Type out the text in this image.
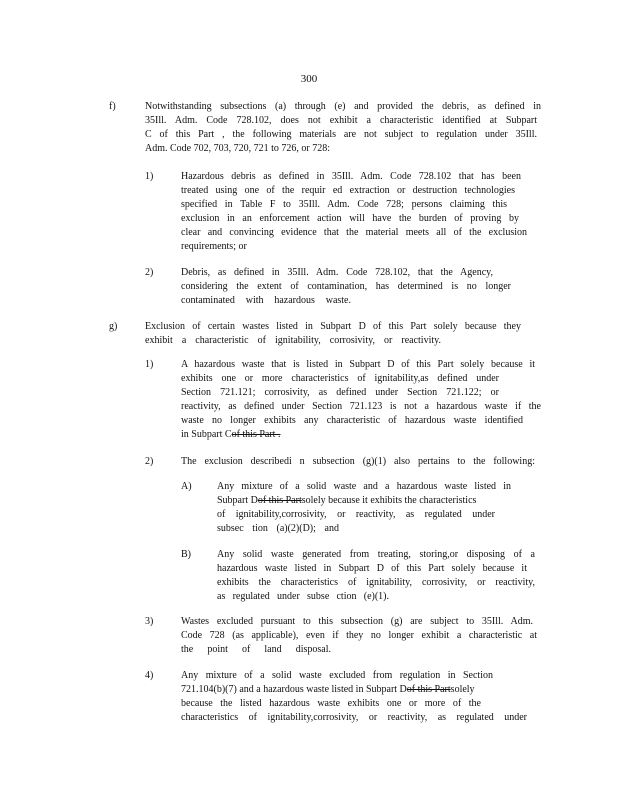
300
f)	Notwithstanding subsections (a) through (e) and provided the debris, as defined in
35Ill. Adm. Code 728.102, does not exhibit a characteristic identified at Subpart
C of this Part , the following materials are not subject to regulation under 35Ill.
Adm. Code 702, 703, 720, 721 to 726, or 728:
1)	Hazardous debris as defined in 35Ill. Adm. Code 728.102 that has been
treated using one of the requir ed extraction or destruction technologies
specified in Table F to 35Ill. Adm. Code 728; persons claiming this
exclusion in an enforcement action will have the burden of proving by
clear and convincing evidence that the material meets all of the exclusion
requirements; or
2)	Debris, as defined in 35Ill. Adm. Code 728.102, that the Agency,
considering the extent of contamination, has determined is no longer
contaminated with hazardous waste.
g)	Exclusion of certain wastes listed in Subpart D of this Part solely because they
exhibit a characteristic of ignitability, corrosivity, or reactivity.
1)	A hazardous waste that is listed in Subpart D of this Part solely because it
exhibits one or more characteristics of ignitability,as defined under
Section 721.121; corrosivity, as defined under Section 721.122; or
reactivity, as defined under Section 721.123 is not a hazardous waste if the
waste no longer exhibits any characteristic of hazardous waste identified
in Subpart Cof this Part .
2)	The exclusion describedi n subsection (g)(1) also pertains to the following:
A)	Any mixture of a solid waste and a hazardous waste listed in
Subpart Dof this Partsolely because it exhibits the characteristics
of ignitability,corrosivity, or reactivity, as regulated under
subsec tion (a)(2)(D); and
B)	Any solid waste generated from treating, storing,or disposing of a
hazardous waste listed in Subpart D of this Part solely because it
exhibits the characteristics of ignitability, corrosivity, or reactivity,
as regulated under subse ction (e)(1).
3)	Wastes excluded pursuant to this subsection (g) are subject to 35Ill. Adm.
Code 728 (as applicable), even if they no longer exhibit a characteristic at
the point of land disposal.
4)	Any mixture of a solid waste excluded from regulation in Section
721.104(b)(7) and a hazardous waste listed in Subpart Dof this Partsolely
because the listed hazardous waste exhibits one or more of the
characteristics of ignitability,corrosivity, or reactivity, as regulated under
